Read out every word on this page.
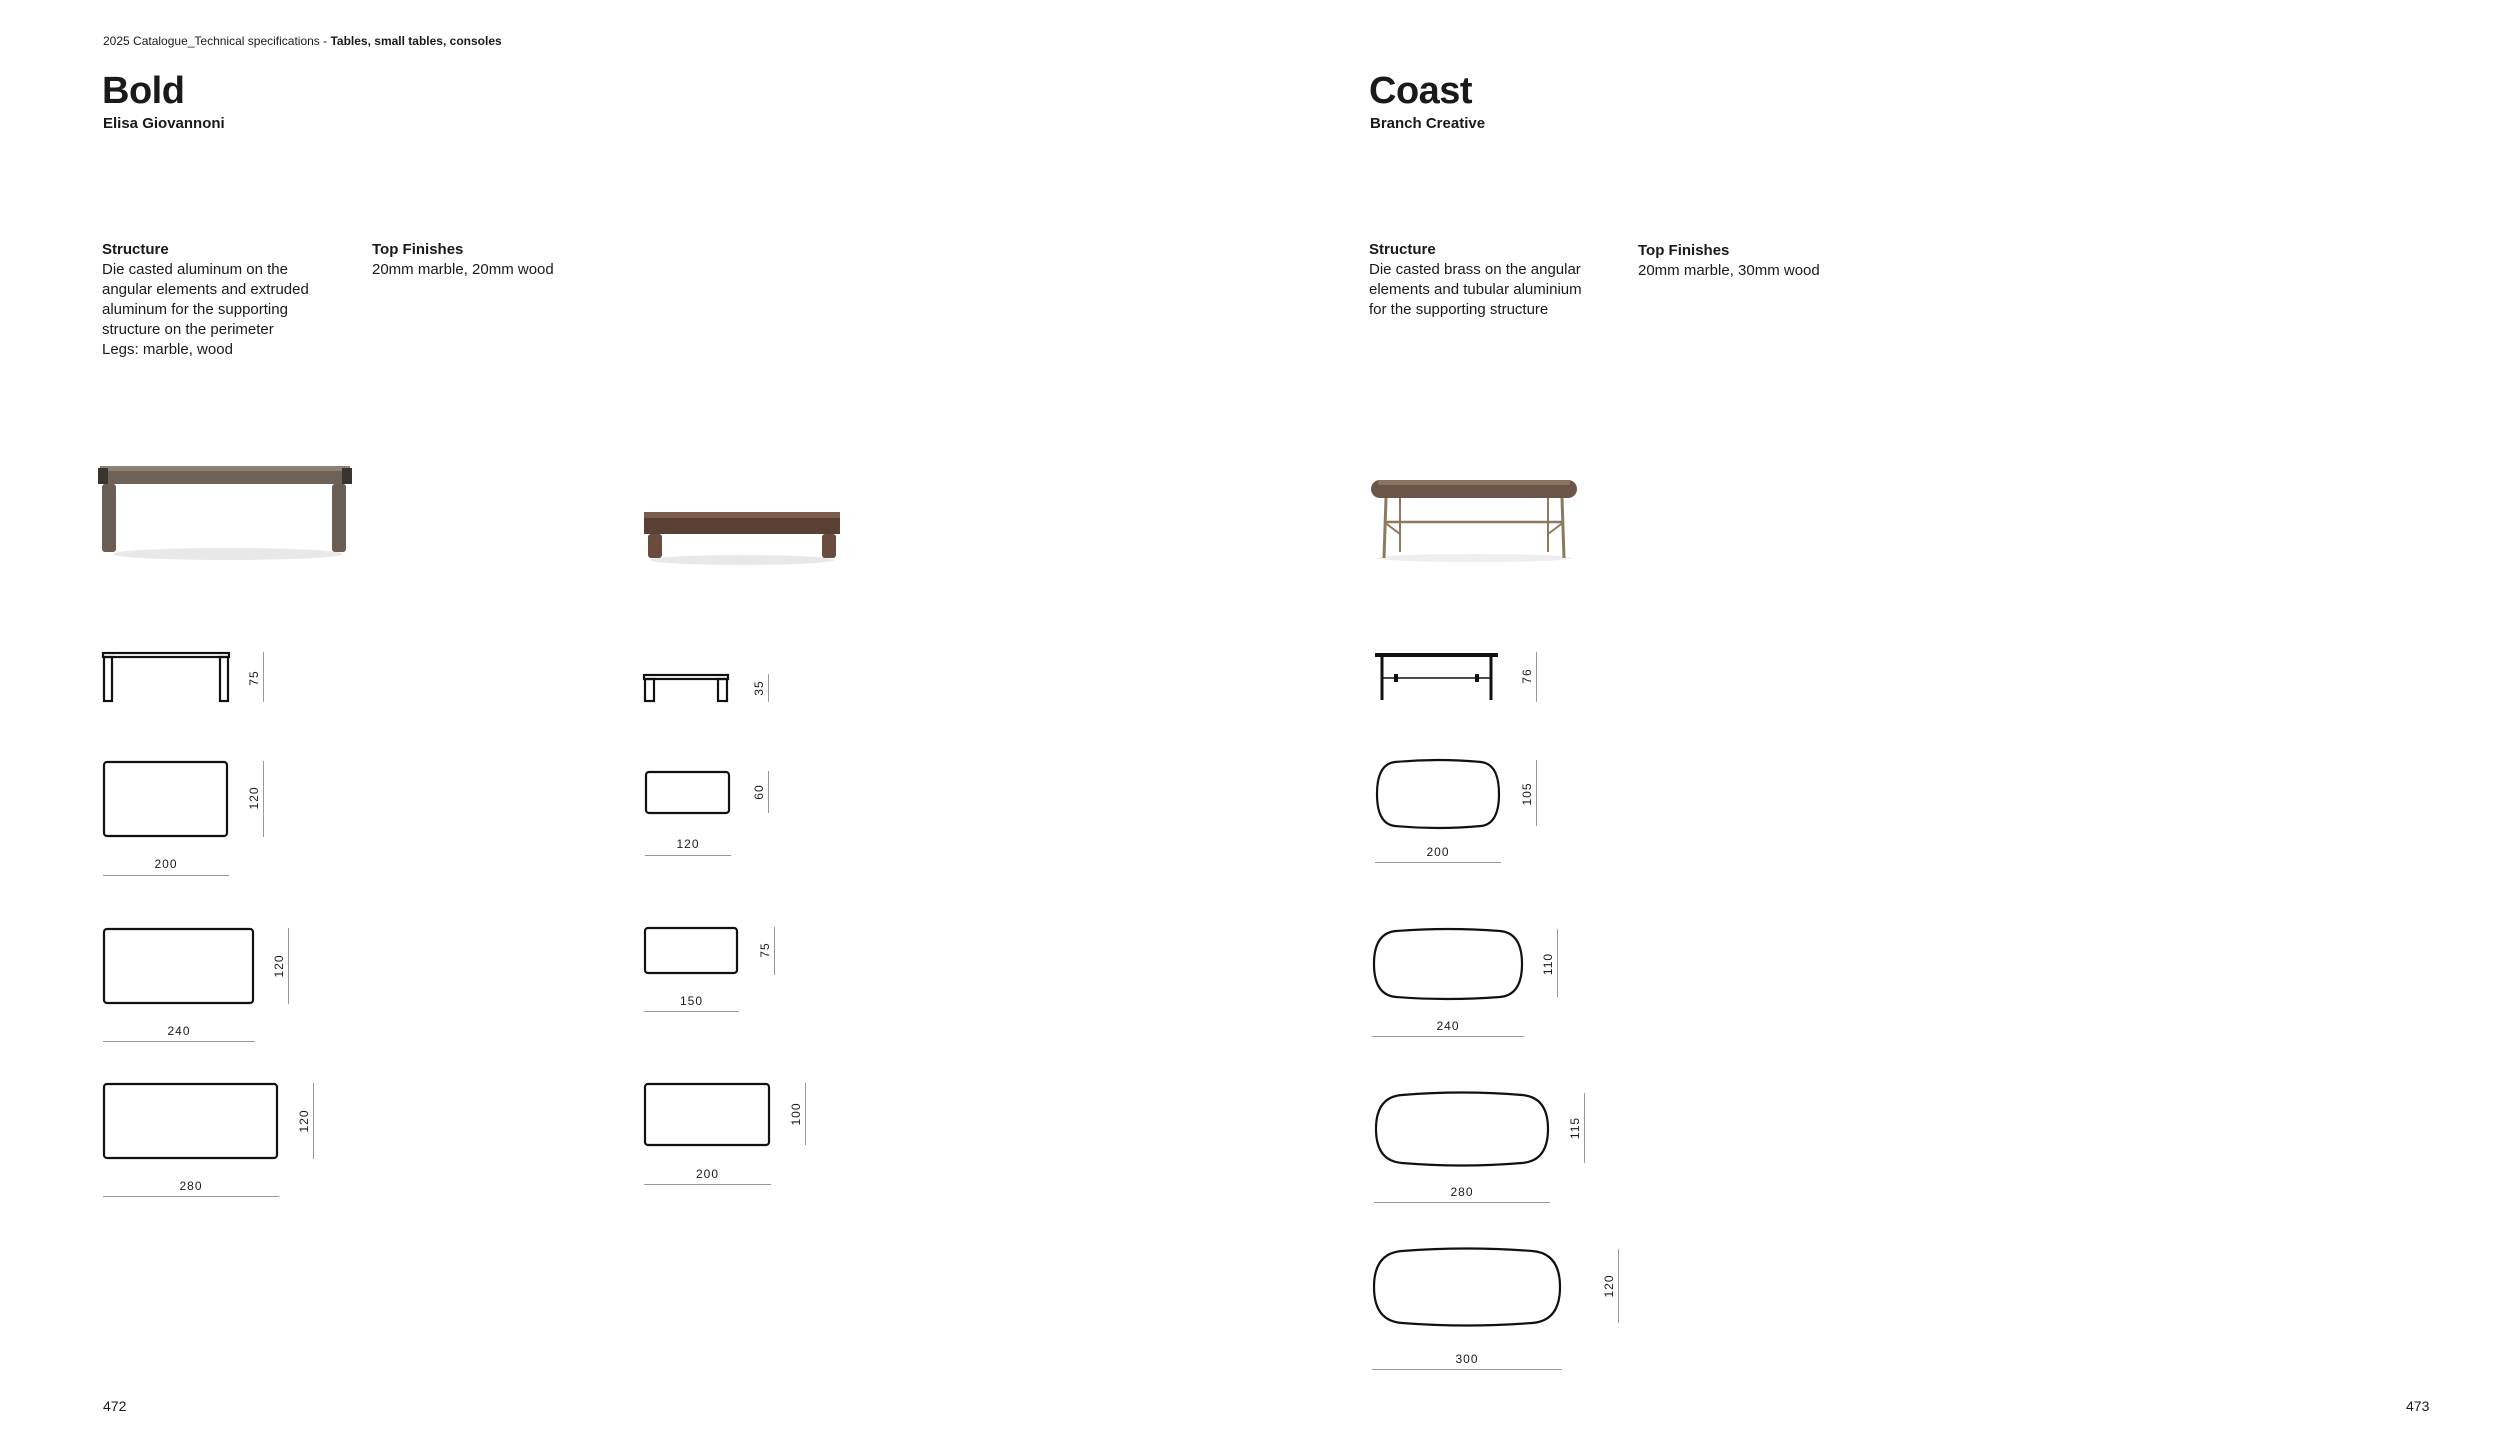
2025 Catalogue_Technical specifications - Tables, small tables, consoles
Bold
Elisa Giovannoni
Structure
Die casted aluminum on the
angular elements and extruded
aluminum for the supporting
structure on the perimeter
Legs: marble, wood
Top Finishes
20mm marble, 20mm wood
75
120
200
120
240
120
280
35
60
120
75
150
100
200
472
Coast
Branch Creative
Structure
Die casted brass on the angular
elements and tubular aluminium
for the supporting structure
Top Finishes
20mm marble, 30mm wood
76
105
200
110
240
115
280
120
300
473
